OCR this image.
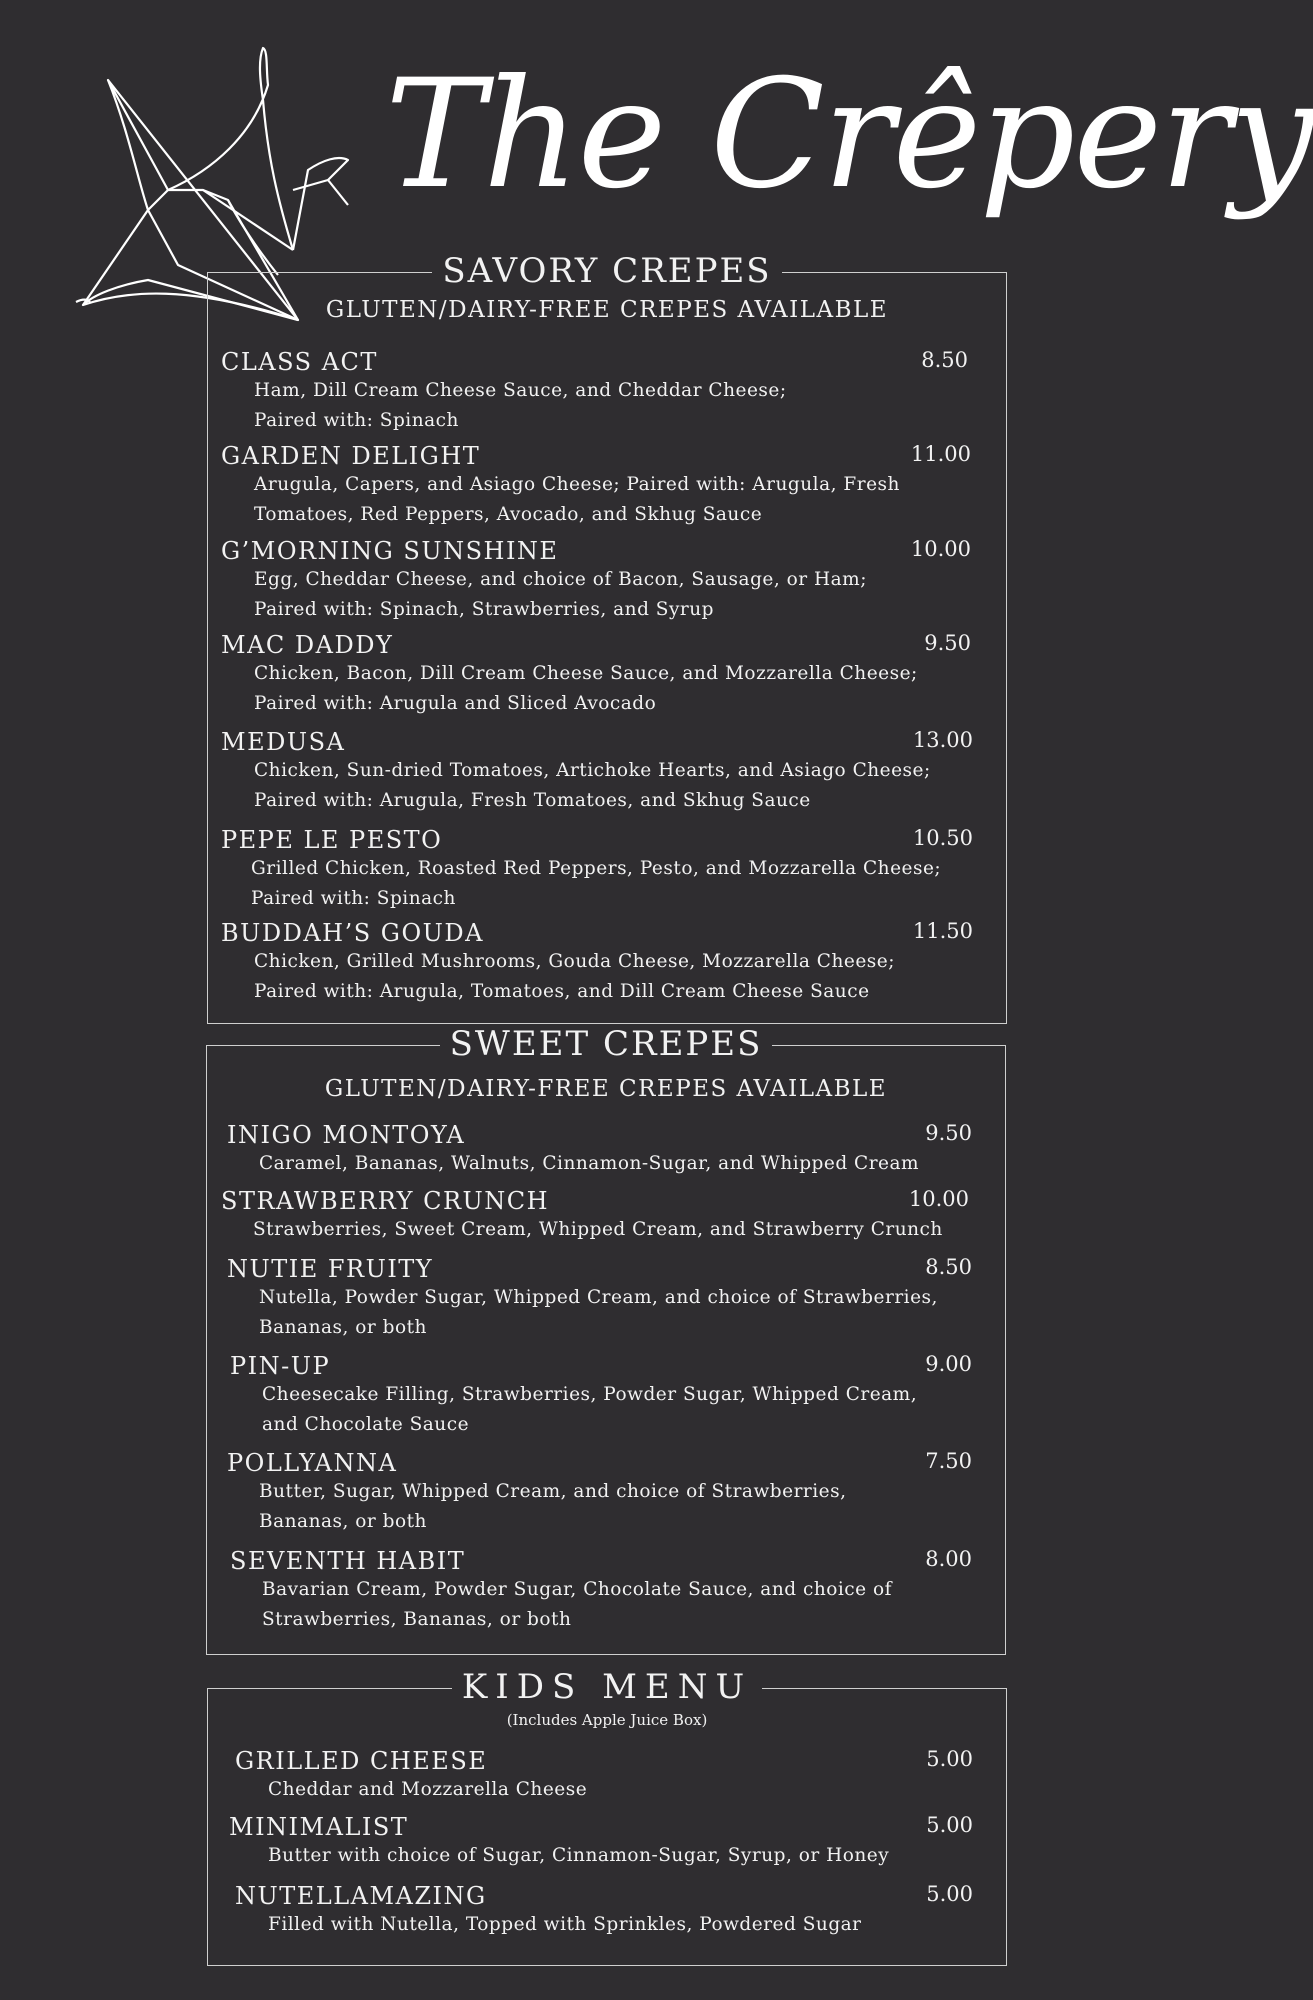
The Crêpery
SAVORY CREPES
GLUTEN/DAIRY-FREE CREPES AVAILABLE
CLASS ACT	8.50
Ham, Dill Cream Cheese Sauce, and Cheddar Cheese;
Paired with: Spinach
GARDEN DELIGHT	11.00
Arugula, Capers, and Asiago Cheese; Paired with: Arugula, Fresh
Tomatoes, Red Peppers, Avocado, and Skhug Sauce
G’MORNING SUNSHINE	10.00
Egg, Cheddar Cheese, and choice of Bacon, Sausage, or Ham;
Paired with: Spinach, Strawberries, and Syrup
MAC DADDY	9.50
Chicken, Bacon, Dill Cream Cheese Sauce, and Mozzarella Cheese;
Paired with: Arugula and Sliced Avocado
MEDUSA	13.00
Chicken, Sun-dried Tomatoes, Artichoke Hearts, and Asiago Cheese;
Paired with: Arugula, Fresh Tomatoes, and Skhug Sauce
PEPE LE PESTO	10.50
Grilled Chicken, Roasted Red Peppers, Pesto, and Mozzarella Cheese;
Paired with: Spinach
BUDDAH’S GOUDA	11.50
Chicken, Grilled Mushrooms, Gouda Cheese, Mozzarella Cheese;
Paired with: Arugula, Tomatoes, and Dill Cream Cheese Sauce
SWEET CREPES
GLUTEN/DAIRY-FREE CREPES AVAILABLE
INIGO MONTOYA	9.50
Caramel, Bananas, Walnuts, Cinnamon-Sugar, and Whipped Cream
STRAWBERRY CRUNCH	10.00
Strawberries, Sweet Cream, Whipped Cream, and Strawberry Crunch
NUTIE FRUITY	8.50
Nutella, Powder Sugar, Whipped Cream, and choice of Strawberries,
Bananas, or both
PIN-UP	9.00
Cheesecake Filling, Strawberries, Powder Sugar, Whipped Cream,
and Chocolate Sauce
POLLYANNA	7.50
Butter, Sugar, Whipped Cream, and choice of Strawberries,
Bananas, or both
SEVENTH HABIT	8.00
Bavarian Cream, Powder Sugar, Chocolate Sauce, and choice of
Strawberries, Bananas, or both
KIDS MENU
(Includes Apple Juice Box)
GRILLED CHEESE	5.00
Cheddar and Mozzarella Cheese
MINIMALIST	5.00
Butter with choice of Sugar, Cinnamon-Sugar, Syrup, or Honey
NUTELLAMAZING	5.00
Filled with Nutella, Topped with Sprinkles, Powdered Sugar
